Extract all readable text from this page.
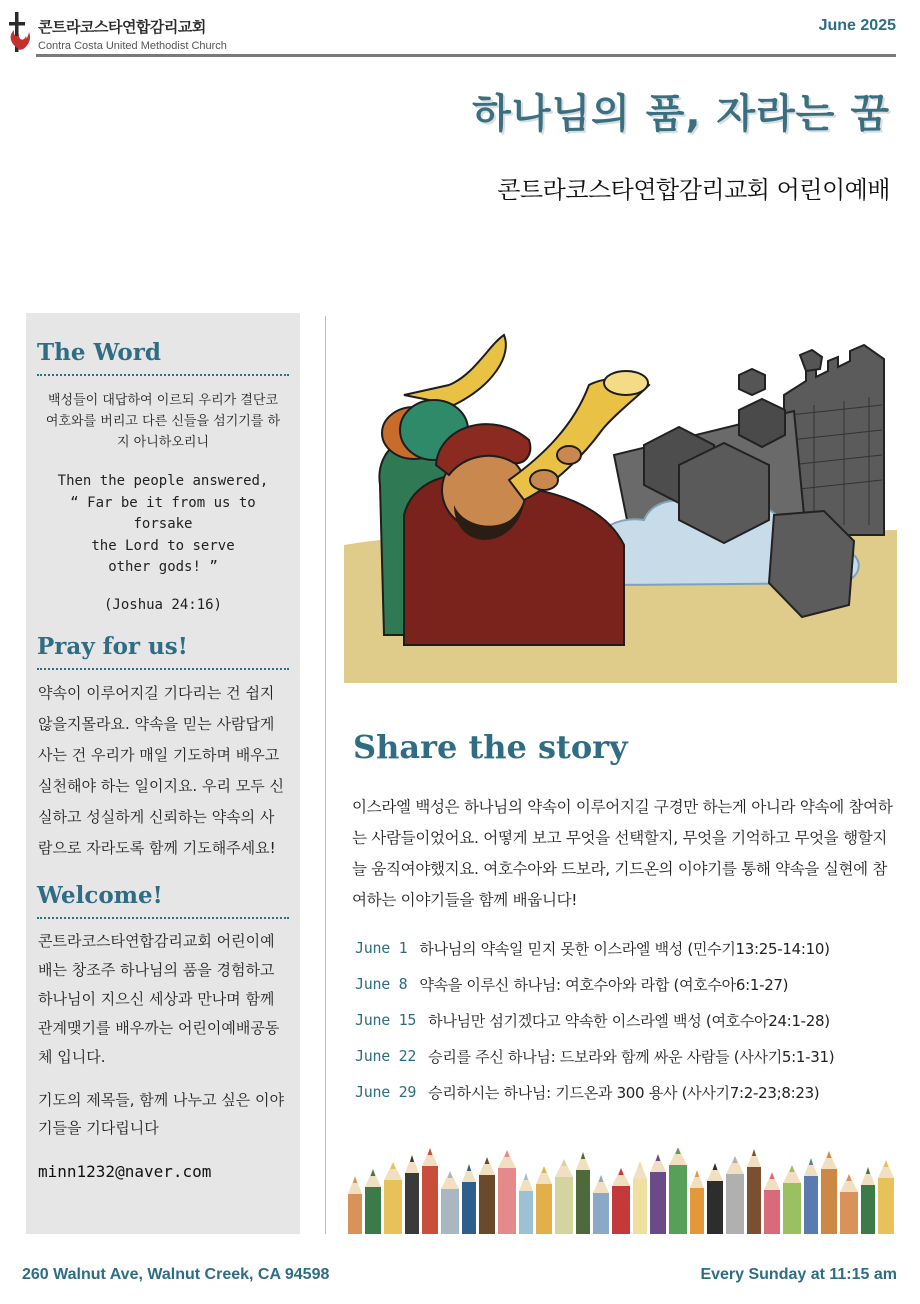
콘트라코스타연합감리교회
Contra Costa United Methodist Church
June 2025
하나님의 품, 자라는 꿈
콘트라코스타연합감리교회 어린이예배
The Word
백성들이 대답하여 이르되 우리가 결단코 여호와를 버리고 다른 신들을 섬기기를 하지 아니하오리니
Then the people answered,
“ Far be it from us to forsake
the Lord to serve
other gods! ”
(Joshua 24:16)
Pray for us!
약속이 이루어지길 기다리는 건 쉽지 않을지몰라요. 약속을 믿는 사람답게 사는 건 우리가 매일 기도하며 배우고 실천해야 하는 일이지요. 우리 모두 신실하고 성실하게 신뢰하는 약속의 사람으로 자라도록 함께 기도해주세요!
Welcome!
콘트라코스타연합감리교회 어린이예배는 창조주 하나님의 품을 경험하고 하나님이 지으신 세상과 만나며 함께 관계맺기를 배우까는 어린이예배공동체 입니다.
기도의 제목들, 함께 나누고 싶은 이야기들을 기다립니다
minn1232@naver.com
Share the story
이스라엘 백성은 하나님의 약속이 이루어지길 구경만 하는게 아니라 약속에 참여하는 사람들이었어요. 어떻게 보고 무엇을 선택할지, 무엇을 기억하고 무엇을 행할지 늘 움직여야했지요. 여호수아와 드보라, 기드온의 이야기를 통해 약속을 실현에 참여하는 이야기들을 함께 배웁니다!
June 1 하나님의 약속일 믿지 못한 이스라엘 백성 (민수기13:25-14:10)
June 8 약속을 이루신 하나님: 여호수아와 라합 (여호수아6:1-27)
June 15 하나님만 섬기겠다고 약속한 이스라엘 백성 (여호수아24:1-28)
June 22 승리를 주신 하나님: 드보라와 함께 싸운 사람들 (사사기5:1-31)
June 29 승리하시는 하나님: 기드온과 300 용사 (사사기7:2-23;8:23)
260 Walnut Ave, Walnut Creek, CA 94598	Every Sunday at 11:15 am
